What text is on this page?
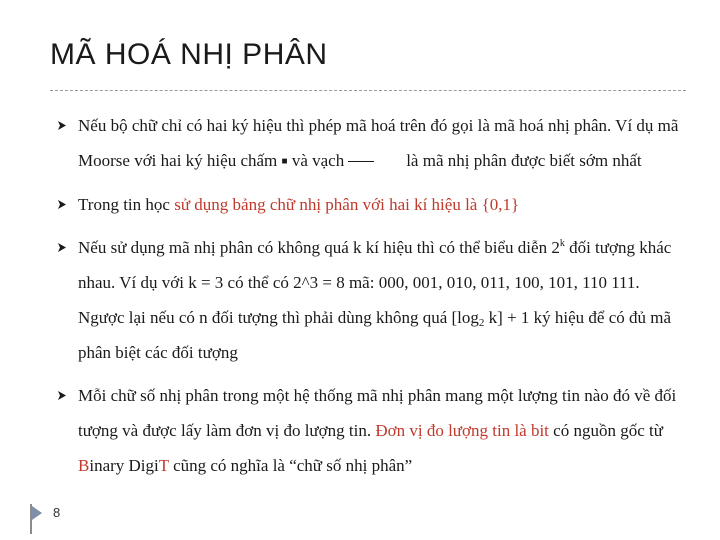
MÃ HOÁ NHỊ PHÂN
Nếu bộ chữ chỉ có hai ký hiệu thì phép mã hoá trên đó gọi là mã hoá nhị phân. Ví dụ mã Moorse với hai ký hiệu chấm ■ và vạch	là mã nhị phân được biết sớm nhất
Trong tin học sử dụng bảng chữ nhị phân với hai kí hiệu là {0,1}
Nếu sử dụng mã nhị phân có không quá k kí hiệu thì có thể biểu diễn 2$^k$ đối tượng khác nhau. Ví dụ với k = 3 có thể có 2^3 = 8 mã: 000, 001, 010, 011, 100, 101, 110 111. Ngược lại nếu có n đối tượng thì phải dùng không quá [$\log_2$ k] + 1 ký hiệu để có đủ mã phân biệt các đối tượng
Mỗi chữ số nhị phân trong một hệ thống mã nhị phân mang một lượng tin nào đó về đối tượng và được lấy làm đơn vị đo lượng tin. Đơn vị đo lượng tin là bit có nguồn gốc từ Binary DigiT cũng có nghĩa là “chữ số nhị phân”
8
